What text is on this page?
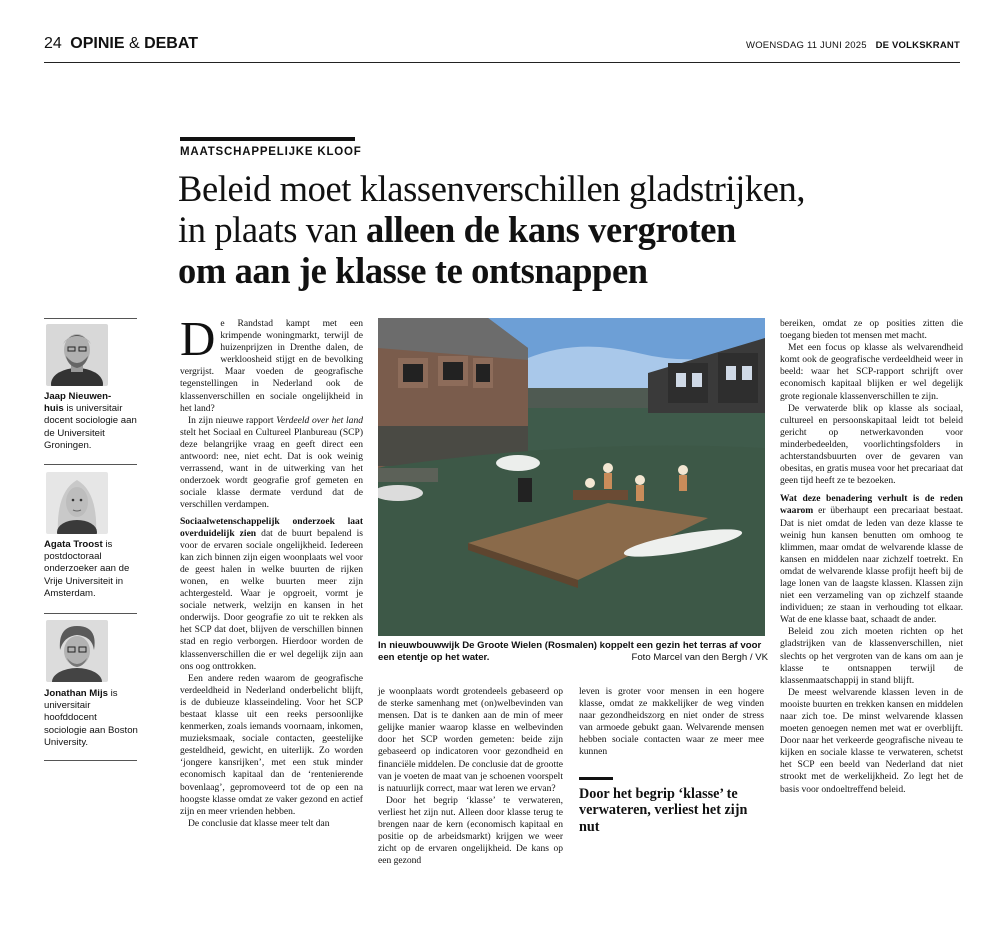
24 OPINIE & DEBAT	WOENSDAG 11 JUNI 2025 DE VOLKSKRANT
MAATSCHAPPELIJKE KLOOF
Beleid moet klassenverschillen gladstrijken,
in plaats van alleen de kans vergroten
om aan je klasse te ontsnappen
Jaap Nieuwen-
huis is universitair docent sociologie aan de Universiteit Groningen.
Agata Troost is postdoctoraal onderzoeker aan de Vrije Universiteit in Amsterdam.
Jonathan Mijs is universitair hoofddocent sociologie aan Boston University.

De Randstad kampt met een krimpende woningmarkt, terwijl de huizenprijzen in Drenthe dalen, de werkloosheid stijgt en de bevolking vergrijst. Maar voeden de geografische tegenstellingen in Nederland ook de klassenverschillen en sociale ongelijkheid in het land?

In zijn nieuwe rapport Verdeeld over het land stelt het Sociaal en Cultureel Planbureau (SCP) deze belangrijke vraag en geeft direct een antwoord: nee, niet echt. Dat is ook weinig verrassend, want in de uitwerking van het onderzoek wordt geografie grof gemeten en sociale klasse dermate verdund dat de verschillen verdampen.

Sociaalwetenschappelijk onderzoek laat overduidelijk zien dat de buurt bepalend is voor de ervaren sociale ongelijkheid. Iedereen kan zich binnen zijn eigen woonplaats wel voor de geest halen in welke buurten de rijken wonen, en welke buurten meer zijn achtergesteld. Waar je opgroeit, vormt je sociale netwerk, welzijn en kansen in het onderwijs. Door geografie zo uit te rekken als het SCP dat doet, blijven de verschillen binnen stad en regio verborgen. Hierdoor worden de klassenverschillen die er wel degelijk zijn aan ons oog onttrokken.

Een andere reden waarom de geografische verdeeldheid in Nederland onderbelicht blijft, is de dubieuze klasseindeling. Voor het SCP bestaat klasse uit een reeks persoonlijke kenmerken, zoals iemands voornaam, inkomen, muzieksmaak, sociale contacten, geestelijke gesteldheid, gewicht, en uiterlijk. Zo worden ‘jongere kansrijken’, met een stuk minder economisch kapitaal dan de ‘rentenierende bovenlaag’, gepromoveerd tot de op een na hoogste klasse omdat ze vaker gezond en actief zijn en meer vrienden hebben.

De conclusie dat klasse meer telt dan

In nieuwbouwwijk De Groote Wielen (Rosmalen) koppelt een gezin het terras af voor een etentje op het water.	Foto Marcel van den Bergh / VK

je woonplaats wordt grotendeels gebaseerd op de sterke samenhang met (on)welbevinden van mensen. Dat is te danken aan de min of meer gelijke manier waarop klasse en welbevinden door het SCP worden gemeten: beide zijn gebaseerd op indicatoren voor gezondheid en financiële middelen. De conclusie dat de grootte van je voeten de maat van je schoenen voorspelt is natuurlijk correct, maar wat leren we ervan?

Door het begrip ‘klasse’ te verwateren, verliest het zijn nut. Alleen door klasse terug te brengen naar de kern (economisch kapitaal en positie op de arbeidsmarkt) krijgen we weer zicht op de ervaren ongelijkheid. De kans op een gezond

leven is groter voor mensen in een hogere klasse, omdat ze makkelijker de weg vinden naar gezondheidszorg en niet onder de stress van armoede gebukt gaan. Welvarende mensen hebben sociale contacten waar ze meer mee kunnen

Door het begrip ‘klasse’ te verwateren, verliest het zijn nut

bereiken, omdat ze op posities zitten die toegang bieden tot mensen met macht.

Met een focus op klasse als welvarendheid komt ook de geografische verdeeldheid weer in beeld: waar het SCP-rapport schrijft over economisch kapitaal blijken er wel degelijk grote regionale klassenverschillen te zijn.

De verwaterde blik op klasse als sociaal, cultureel en persoonskapitaal leidt tot beleid gericht op netwerkavonden voor minderbedeelden, voorlichtingsfolders in achterstandsbuurten over de gevaren van obesitas, en gratis musea voor het precariaat dat geen tijd heeft ze te bezoeken.

Wat deze benadering verhult is de reden waarom er überhaupt een precariaat bestaat. Dat is niet omdat de leden van deze klasse te weinig hun kansen benutten om omhoog te klimmen, maar omdat de welvarende klasse de kansen en middelen naar zichzelf toetrekt. En omdat de welvarende klasse profijt heeft bij de lage lonen van de laagste klassen. Klassen zijn niet een verzameling van op zichzelf staande individuen; ze staan in verhouding tot elkaar. Wat de ene klasse baat, schaadt de ander.

Beleid zou zich moeten richten op het gladstrijken van de klassenverschillen, niet slechts op het vergroten van de kans om aan je klasse te ontsnappen terwijl de klassenmaatschappij in stand blijft.

De meest welvarende klassen leven in de mooiste buurten en trekken kansen en middelen naar zich toe. De minst welvarende klassen moeten genoegen nemen met wat er overblijft. Door naar het verkeerde geografische niveau te kijken en sociale klasse te verwateren, schetst het SCP een beeld van Nederland dat niet strookt met de werkelijkheid. Zo legt het de basis voor ondoeltreffend beleid.
